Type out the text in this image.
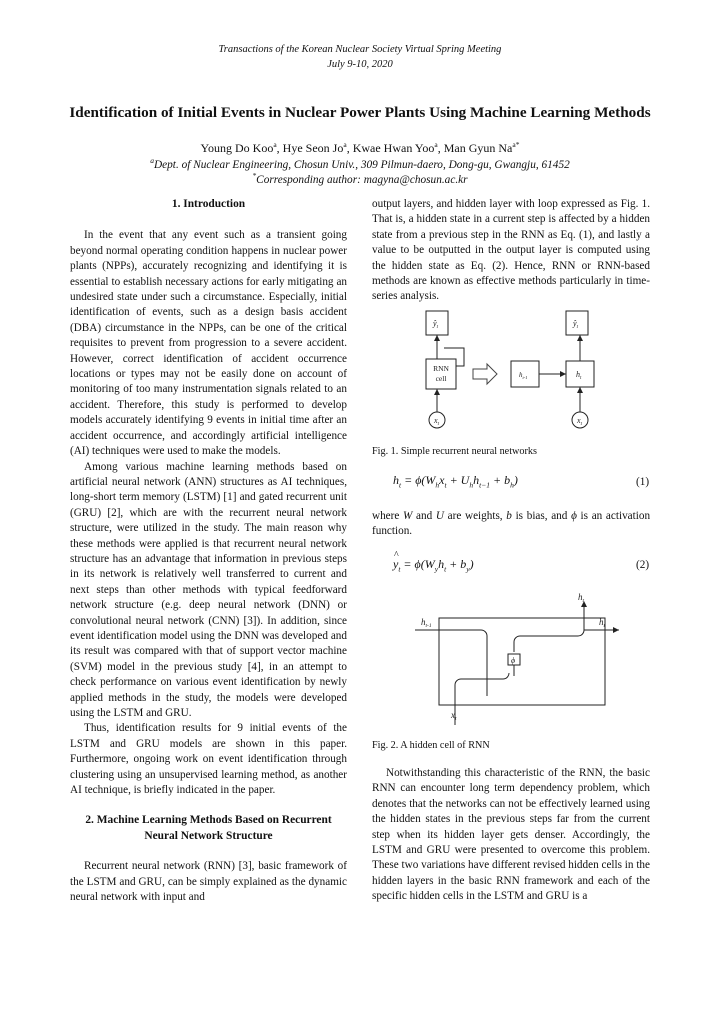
Transactions of the Korean Nuclear Society Virtual Spring Meeting
July 9-10, 2020
Identification of Initial Events in Nuclear Power Plants Using Machine Learning Methods
Young Do Koo$^a$, Hye Seon Jo$^a$, Kwae Hwan Yoo$^a$, Man Gyun $Na^{a*}$
$^a$Dept. of Nuclear Engineering, Chosun Univ., 309 Pilmun-daero, Dong-gu, Gwangju, 61452
*Corresponding author: magyna@chosun.ac.kr

1. Introduction

In the event that any event such as a transient going beyond normal operating condition happens in nuclear power plants (NPPs), accurately recognizing and identifying it is essential to establish necessary actions for early mitigating an undesired state under such a circumstance. Especially, initial identification of events, such as a design basis accident (DBA) circumstance in the NPPs, can be one of the critical requisites to prevent from progression to a severe accident. However, correct identification of accident occurrence locations or types may not be easily done on account of monitoring of too many instrumentation signals related to an accident. Therefore, this study is performed to develop models accurately identifying 9 events in initial time after an accident occurrence, and accordingly artificial intelligence (AI) techniques were used to make the models.

Among various machine learning methods based on artificial neural network (ANN) structures as AI techniques, long-short term memory (LSTM) [1] and gated recurrent unit (GRU) [2], which are with the recurrent neural network structure, were utilized in the study. The main reason why these methods were applied is that recurrent neural network structure has an advantage that information in previous steps in its network is relatively well transferred to current and next steps than other methods with typical feedforward network structure (e.g. deep neural network (DNN) or convolutional neural network (CNN) [3]). In addition, since event identification model using the DNN was developed and its result was compared with that of support vector machine (SVM) model in the previous study [4], in an attempt to check performance on various event identification by newly applied methods in the study, the models were developed using the LSTM and GRU.

Thus, identification results for 9 initial events of the LSTM and GRU models are shown in this paper. Furthermore, ongoing work on event identification through clustering using an unsupervised learning method, as another AI technique, is briefly indicated in the paper.

2. Machine Learning Methods Based on Recurrent

Neural Network Structure

Recurrent neural network (RNN) [3], basic framework of the LSTM and GRU, can be simply explained as the dynamic neural network with input and

output layers, and hidden layer with loop expressed as Fig. 1. That is, a hidden state in a current step is affected by a hidden state from a previous step in the RNN as Eq. (1), and lastly a value to be outputted in the output layer is computed using the hidden state as Eq. (2). Hence, RNN or RNN-based methods are known as effective methods particularly in time-series analysis.

$ŷ_t$	$ŷ_t$
RNN
cell	$h_{t-1}$	$h_t$
$x_t$	$x_t$
Fig. 1. Simple recurrent neural networks
$h_t = \phi(W_hx_t + U_hh_{t-1} + b_h)$	(1)

where W and U are weights, b is bias, and ϕ is an activation function.

^ $y_t = \phi(W_yh_t + b_y)$	(2)
$h_t$
$h_{t-1}$	$h_t$
ϕ
$x_t$
Fig. 2. A hidden cell of RNN

Notwithstanding this characteristic of the RNN, the basic RNN can encounter long term dependency problem, which denotes that the networks can not be effectively learned using the hidden states in the previous steps far from the current step when its hidden layer gets denser. Accordingly, the LSTM and GRU were presented to overcome this problem. These two variations have different revised hidden cells in the hidden layers in the basic RNN framework and each of the specific hidden cells in the LSTM and GRU is a
